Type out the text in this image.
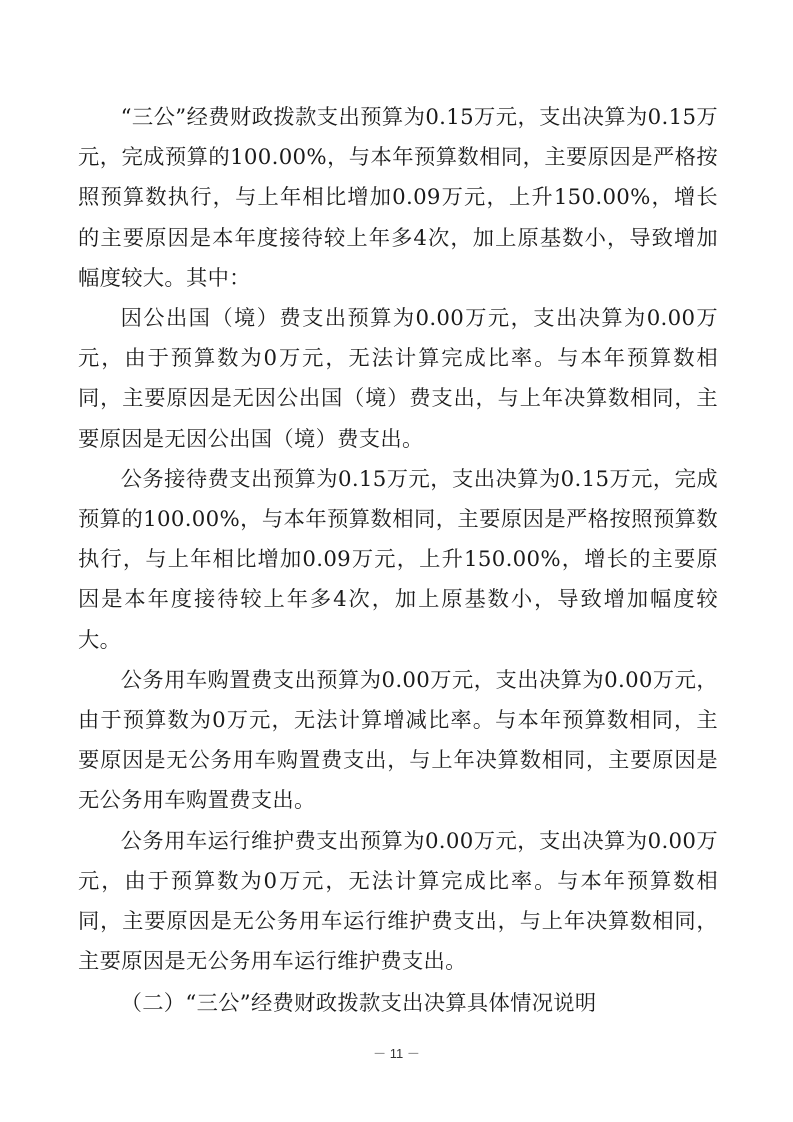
“三公”经费财政拨款支出预算为0.15万元，支出决算为0.15万元，完成预算的100.00%，与本年预算数相同，主要原因是严格按照预算数执行，与上年相比增加0.09万元，上升150.00%，增长的主要原因是本年度接待较上年多4次，加上原基数小，导致增加幅度较大。其中：

因公出国（境）费支出预算为0.00万元，支出决算为0.00万元，由于预算数为0万元，无法计算完成比率。与本年预算数相同，主要原因是无因公出国（境）费支出，与上年决算数相同，主要原因是无因公出国（境）费支出。

公务接待费支出预算为0.15万元，支出决算为0.15万元，完成预算的100.00%，与本年预算数相同，主要原因是严格按照预算数执行，与上年相比增加0.09万元，上升150.00%，增长的主要原因是本年度接待较上年多4次，加上原基数小，导致增加幅度较大。

公务用车购置费支出预算为0.00万元，支出决算为0.00万元，由于预算数为0万元，无法计算增减比率。与本年预算数相同，主要原因是无公务用车购置费支出，与上年决算数相同，主要原因是无公务用车购置费支出。

公务用车运行维护费支出预算为0.00万元，支出决算为0.00万元，由于预算数为0万元，无法计算完成比率。与本年预算数相同，主要原因是无公务用车运行维护费支出，与上年决算数相同，主要原因是无公务用车运行维护费支出。

（二）“三公”经费财政拨款支出决算具体情况说明

－ 11 －
